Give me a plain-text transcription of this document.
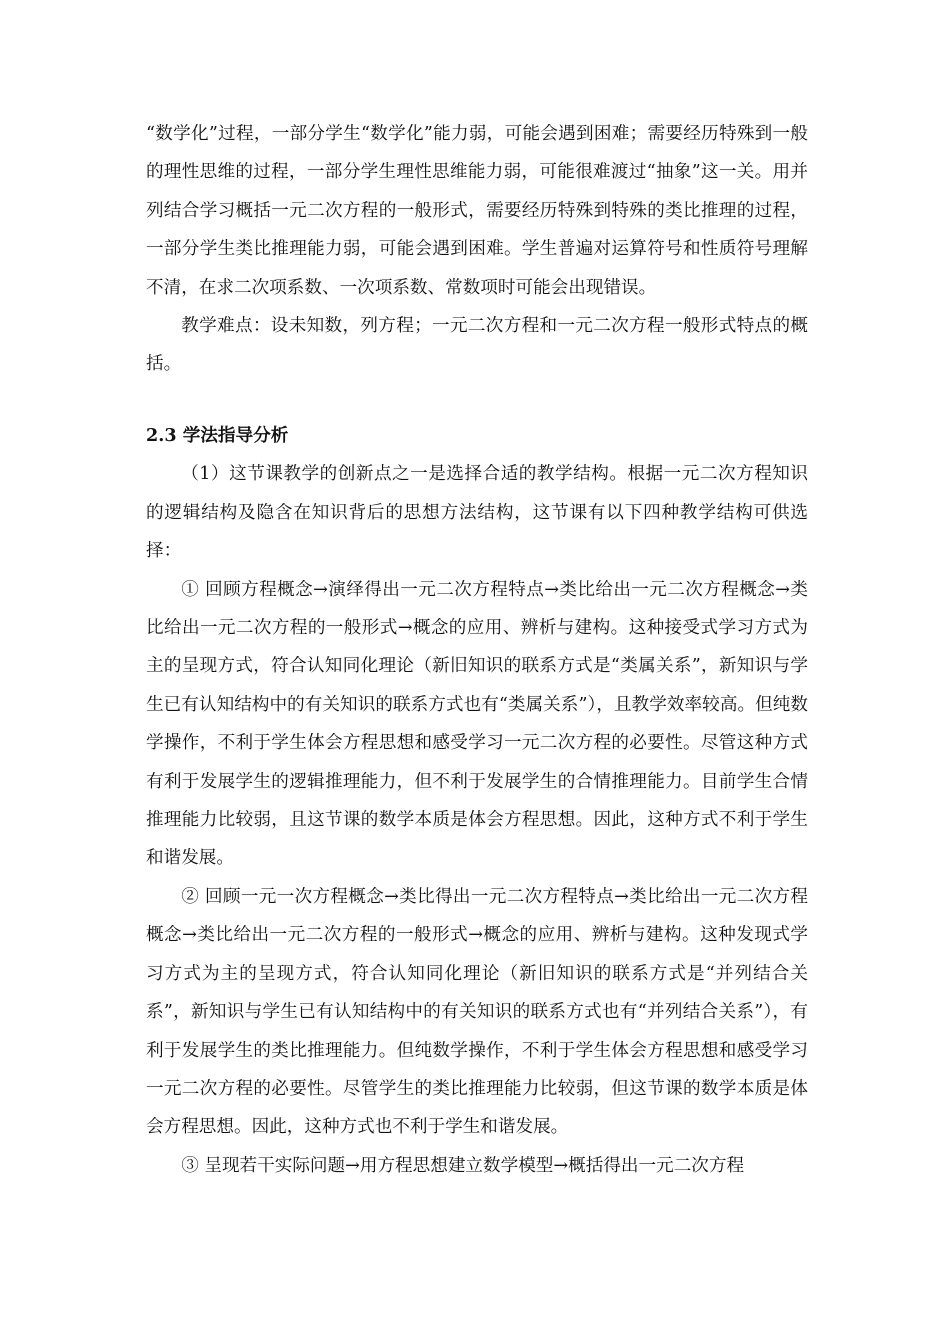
“数学化”过程，一部分学生“数学化”能力弱，可能会遇到困难；需要经历特殊到一般的理性思维的过程，一部分学生理性思维能力弱，可能很难渡过“抽象”这一关。用并列结合学习概括一元二次方程的一般形式，需要经历特殊到特殊的类比推理的过程，一部分学生类比推理能力弱，可能会遇到困难。学生普遍对运算符号和性质符号理解不清，在求二次项系数、一次项系数、常数项时可能会出现错误。

教学难点：设未知数，列方程；一元二次方程和一元二次方程一般形式特点的概括。

2.3 学法指导分析

（1）这节课教学的创新点之一是选择合适的教学结构。根据一元二次方程知识的逻辑结构及隐含在知识背后的思想方法结构，这节课有以下四种教学结构可供选择：

① 回顾方程概念→演绎得出一元二次方程特点→类比给出一元二次方程概念→类比给出一元二次方程的一般形式→概念的应用、辨析与建构。这种接受式学习方式为主的呈现方式，符合认知同化理论（新旧知识的联系方式是“类属关系”，新知识与学生已有认知结构中的有关知识的联系方式也有“类属关系”），且教学效率较高。但纯数学操作，不利于学生体会方程思想和感受学习一元二次方程的必要性。尽管这种方式有利于发展学生的逻辑推理能力，但不利于发展学生的合情推理能力。目前学生合情推理能力比较弱，且这节课的数学本质是体会方程思想。因此，这种方式不利于学生和谐发展。

② 回顾一元一次方程概念→类比得出一元二次方程特点→类比给出一元二次方程概念→类比给出一元二次方程的一般形式→概念的应用、辨析与建构。这种发现式学习方式为主的呈现方式，符合认知同化理论（新旧知识的联系方式是“并列结合关系”，新知识与学生已有认知结构中的有关知识的联系方式也有“并列结合关系”），有利于发展学生的类比推理能力。但纯数学操作，不利于学生体会方程思想和感受学习一元二次方程的必要性。尽管学生的类比推理能力比较弱，但这节课的数学本质是体会方程思想。因此，这种方式也不利于学生和谐发展。

③ 呈现若干实际问题→用方程思想建立数学模型→概括得出一元二次方程
